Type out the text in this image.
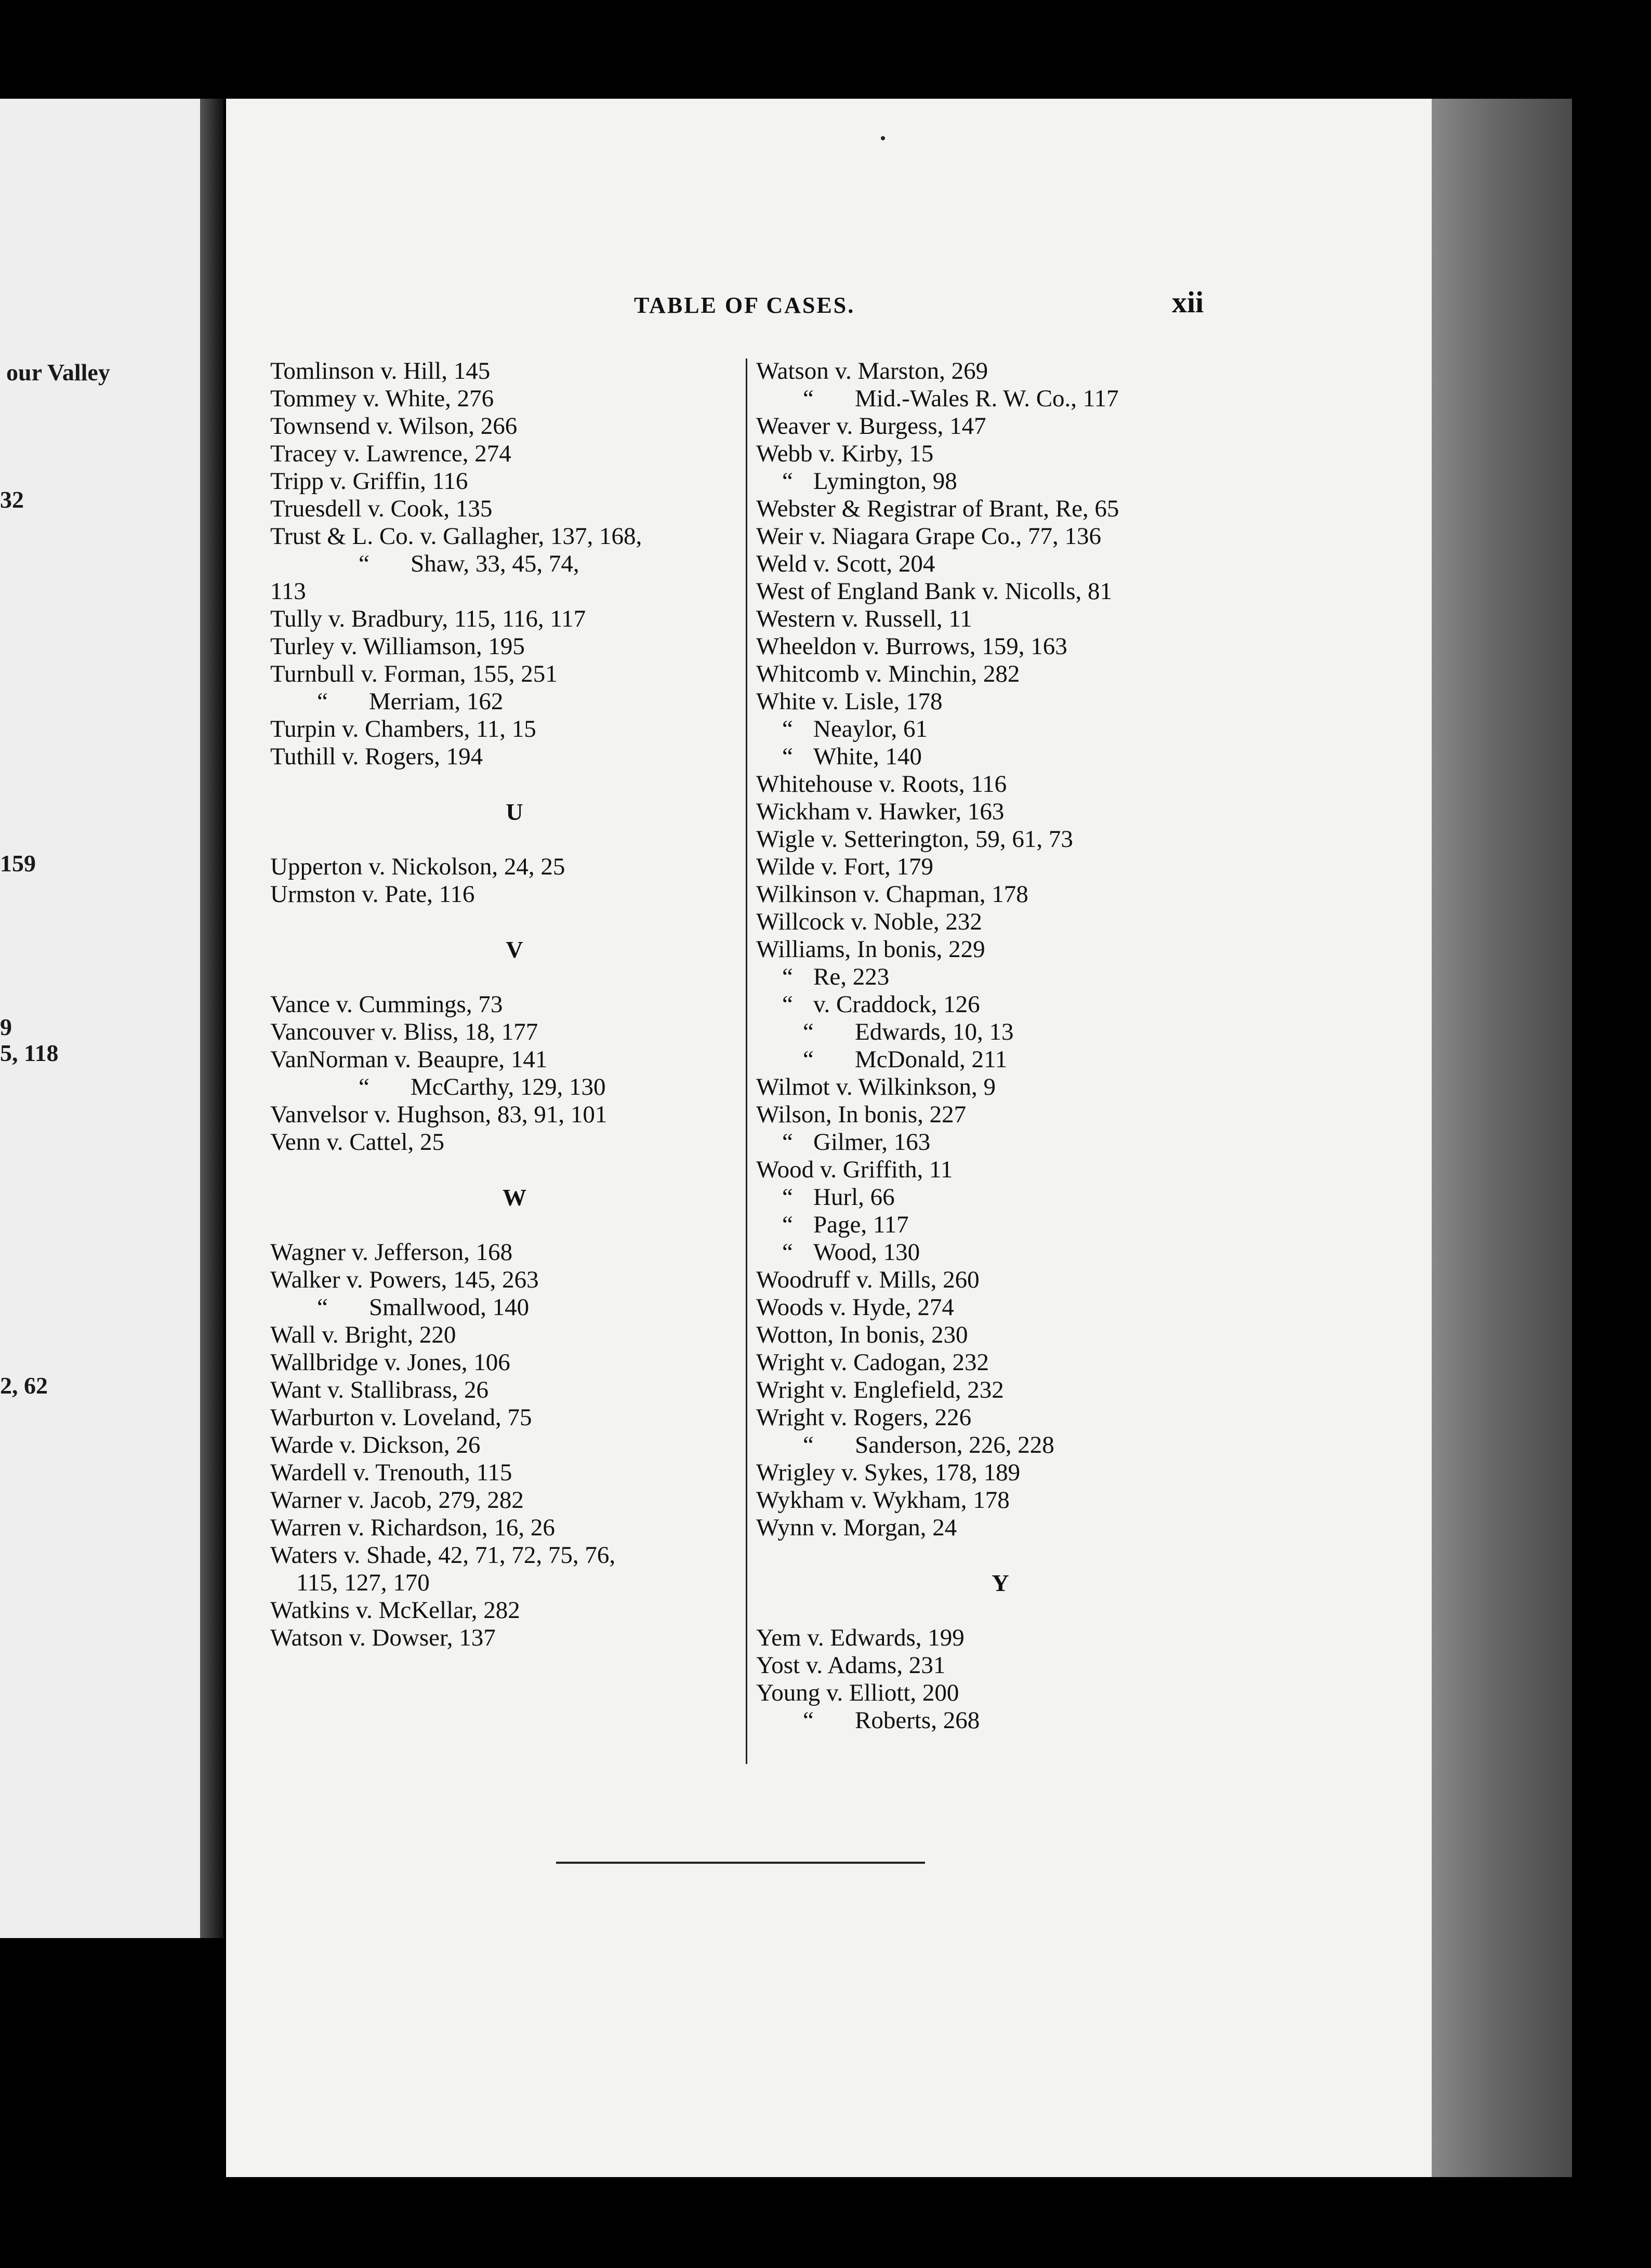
our Valley
32
159
9
5, 118
2, 62
TABLE OF CASES.	xii
Tomlinson v. Hill, 145
Tommey v. White, 276
Townsend v. Wilson, 266
Tracey v. Lawrence, 274
Tripp v. Griffin, 116
Truesdell v. Cook, 135
Trust & L. Co. v. Gallagher, 137, 168,
“ Shaw, 33, 45, 74,
113
Tully v. Bradbury, 115, 116, 117
Turley v. Williamson, 195
Turnbull v. Forman, 155, 251
“ Merriam, 162
Turpin v. Chambers, 11, 15
Tuthill v. Rogers, 194
U
Upperton v. Nickolson, 24, 25
Urmston v. Pate, 116
V
Vance v. Cummings, 73
Vancouver v. Bliss, 18, 177
VanNorman v. Beaupre, 141
“ McCarthy, 129, 130
Vanvelsor v. Hughson, 83, 91, 101
Venn v. Cattel, 25
W
Wagner v. Jefferson, 168
Walker v. Powers, 145, 263
“ Smallwood, 140
Wall v. Bright, 220
Wallbridge v. Jones, 106
Want v. Stallibrass, 26
Warburton v. Loveland, 75
Warde v. Dickson, 26
Wardell v. Trenouth, 115
Warner v. Jacob, 279, 282
Warren v. Richardson, 16, 26
Waters v. Shade, 42, 71, 72, 75, 76,
115, 127, 170
Watkins v. McKellar, 282
Watson v. Dowser, 137
Watson v. Marston, 269
“ Mid.-Wales R. W. Co., 117
Weaver v. Burgess, 147
Webb v. Kirby, 15
“ Lymington, 98
Webster & Registrar of Brant, Re, 65
Weir v. Niagara Grape Co., 77, 136
Weld v. Scott, 204
West of England Bank v. Nicolls, 81
Western v. Russell, 11
Wheeldon v. Burrows, 159, 163
Whitcomb v. Minchin, 282
White v. Lisle, 178
“ Neaylor, 61
“ White, 140
Whitehouse v. Roots, 116
Wickham v. Hawker, 163
Wigle v. Setterington, 59, 61, 73
Wilde v. Fort, 179
Wilkinson v. Chapman, 178
Willcock v. Noble, 232
Williams, In bonis, 229
“ Re, 223
“ v. Craddock, 126
“ Edwards, 10, 13
“ McDonald, 211
Wilmot v. Wilkinkson, 9
Wilson, In bonis, 227
“ Gilmer, 163
Wood v. Griffith, 11
“ Hurl, 66
“ Page, 117
“ Wood, 130
Woodruff v. Mills, 260
Woods v. Hyde, 274
Wotton, In bonis, 230
Wright v. Cadogan, 232
Wright v. Englefield, 232
Wright v. Rogers, 226
“ Sanderson, 226, 228
Wrigley v. Sykes, 178, 189
Wykham v. Wykham, 178
Wynn v. Morgan, 24
Y
Yem v. Edwards, 199
Yost v. Adams, 231
Young v. Elliott, 200
“ Roberts, 268
